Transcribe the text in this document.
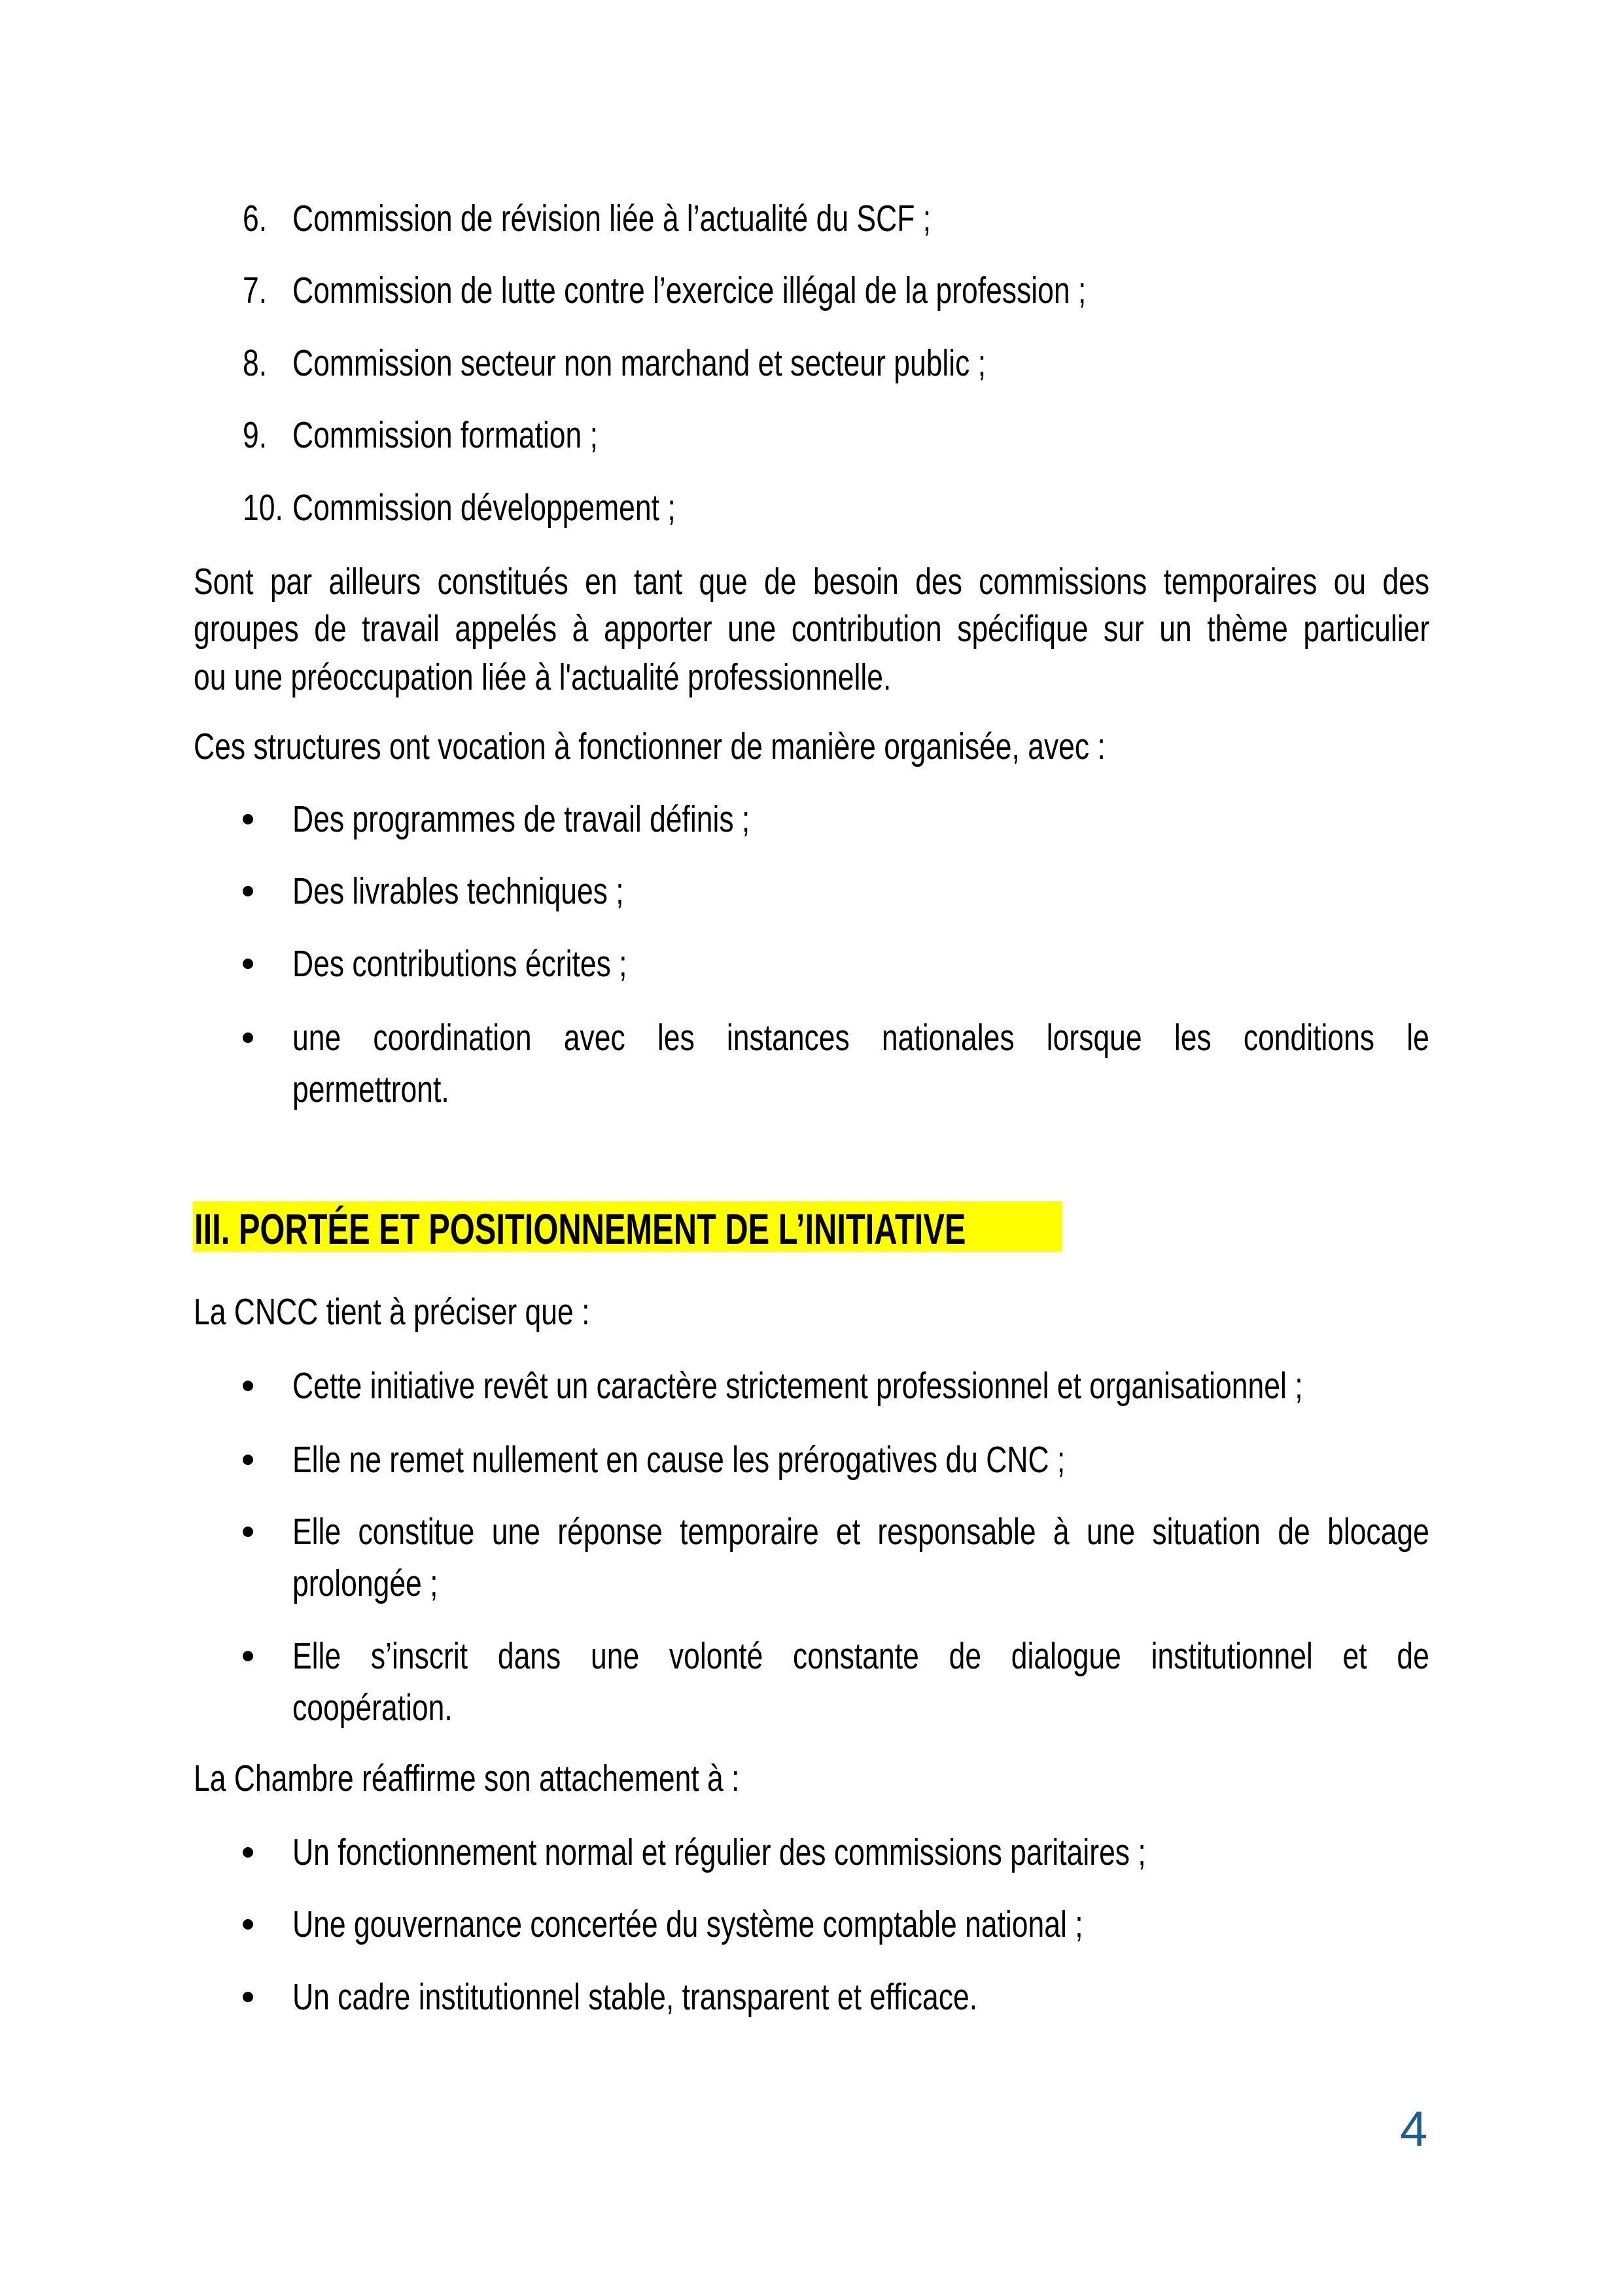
6. Commission de révision liée à l’actualité du SCF ;
7. Commission de lutte contre l’exercice illégal de la profession ;
8. Commission secteur non marchand et secteur public ;
9. Commission formation ;
10. Commission développement ;
Sont par ailleurs constitués en tant que de besoin des commissions temporaires ou des
groupes de travail appelés à apporter une contribution spécifique sur un thème particulier
ou une préoccupation liée à l'actualité professionnelle.
Ces structures ont vocation à fonctionner de manière organisée, avec :
Des programmes de travail définis ;
Des livrables techniques ;
Des contributions écrites ;
une coordination avec les instances nationales lorsque les conditions le
permettront.
III. PORTÉE ET POSITIONNEMENT DE L’INITIATIVE
La CNCC tient à préciser que :
Cette initiative revêt un caractère strictement professionnel et organisationnel ;
Elle ne remet nullement en cause les prérogatives du CNC ;
Elle constitue une réponse temporaire et responsable à une situation de blocage
prolongée ;
Elle s’inscrit dans une volonté constante de dialogue institutionnel et de
coopération.
La Chambre réaffirme son attachement à :
Un fonctionnement normal et régulier des commissions paritaires ;
Une gouvernance concertée du système comptable national ;
Un cadre institutionnel stable, transparent et efficace.
4
